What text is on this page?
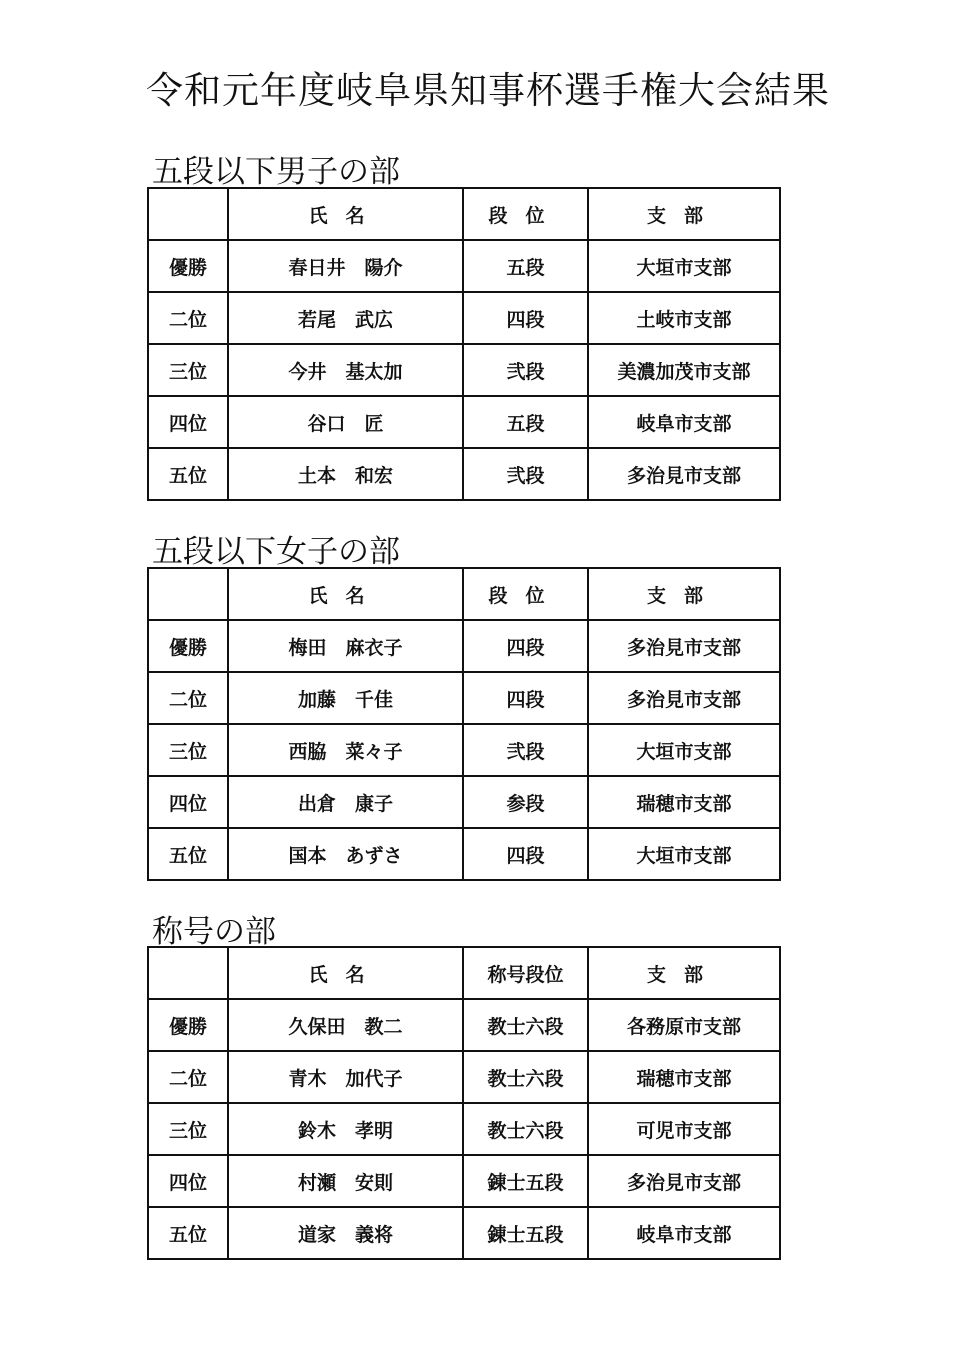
令和元年度岐阜県知事杯選手権大会結果
五段以下男子の部
	氏名	段位	支部
優勝	春日井　陽介	五段	大垣市支部
二位	若尾　武広	四段	土岐市支部
三位	今井　基太加	弐段	美濃加茂市支部
四位	谷口　匠	五段	岐阜市支部
五位	土本　和宏	弐段	多治見市支部
五段以下女子の部
	氏名	段位	支部
優勝	梅田　麻衣子	四段	多治見市支部
二位	加藤　千佳	四段	多治見市支部
三位	西脇　菜々子	弐段	大垣市支部
四位	出倉　康子	参段	瑞穂市支部
五位	国本　あずさ	四段	大垣市支部
称号の部
	氏名	称号段位	支部
優勝	久保田　教二	教士六段	各務原市支部
二位	青木　加代子	教士六段	瑞穂市支部
三位	鈴木　孝明	教士六段	可児市支部
四位	村瀬　安則	錬士五段	多治見市支部
五位	道家　義将	錬士五段	岐阜市支部
